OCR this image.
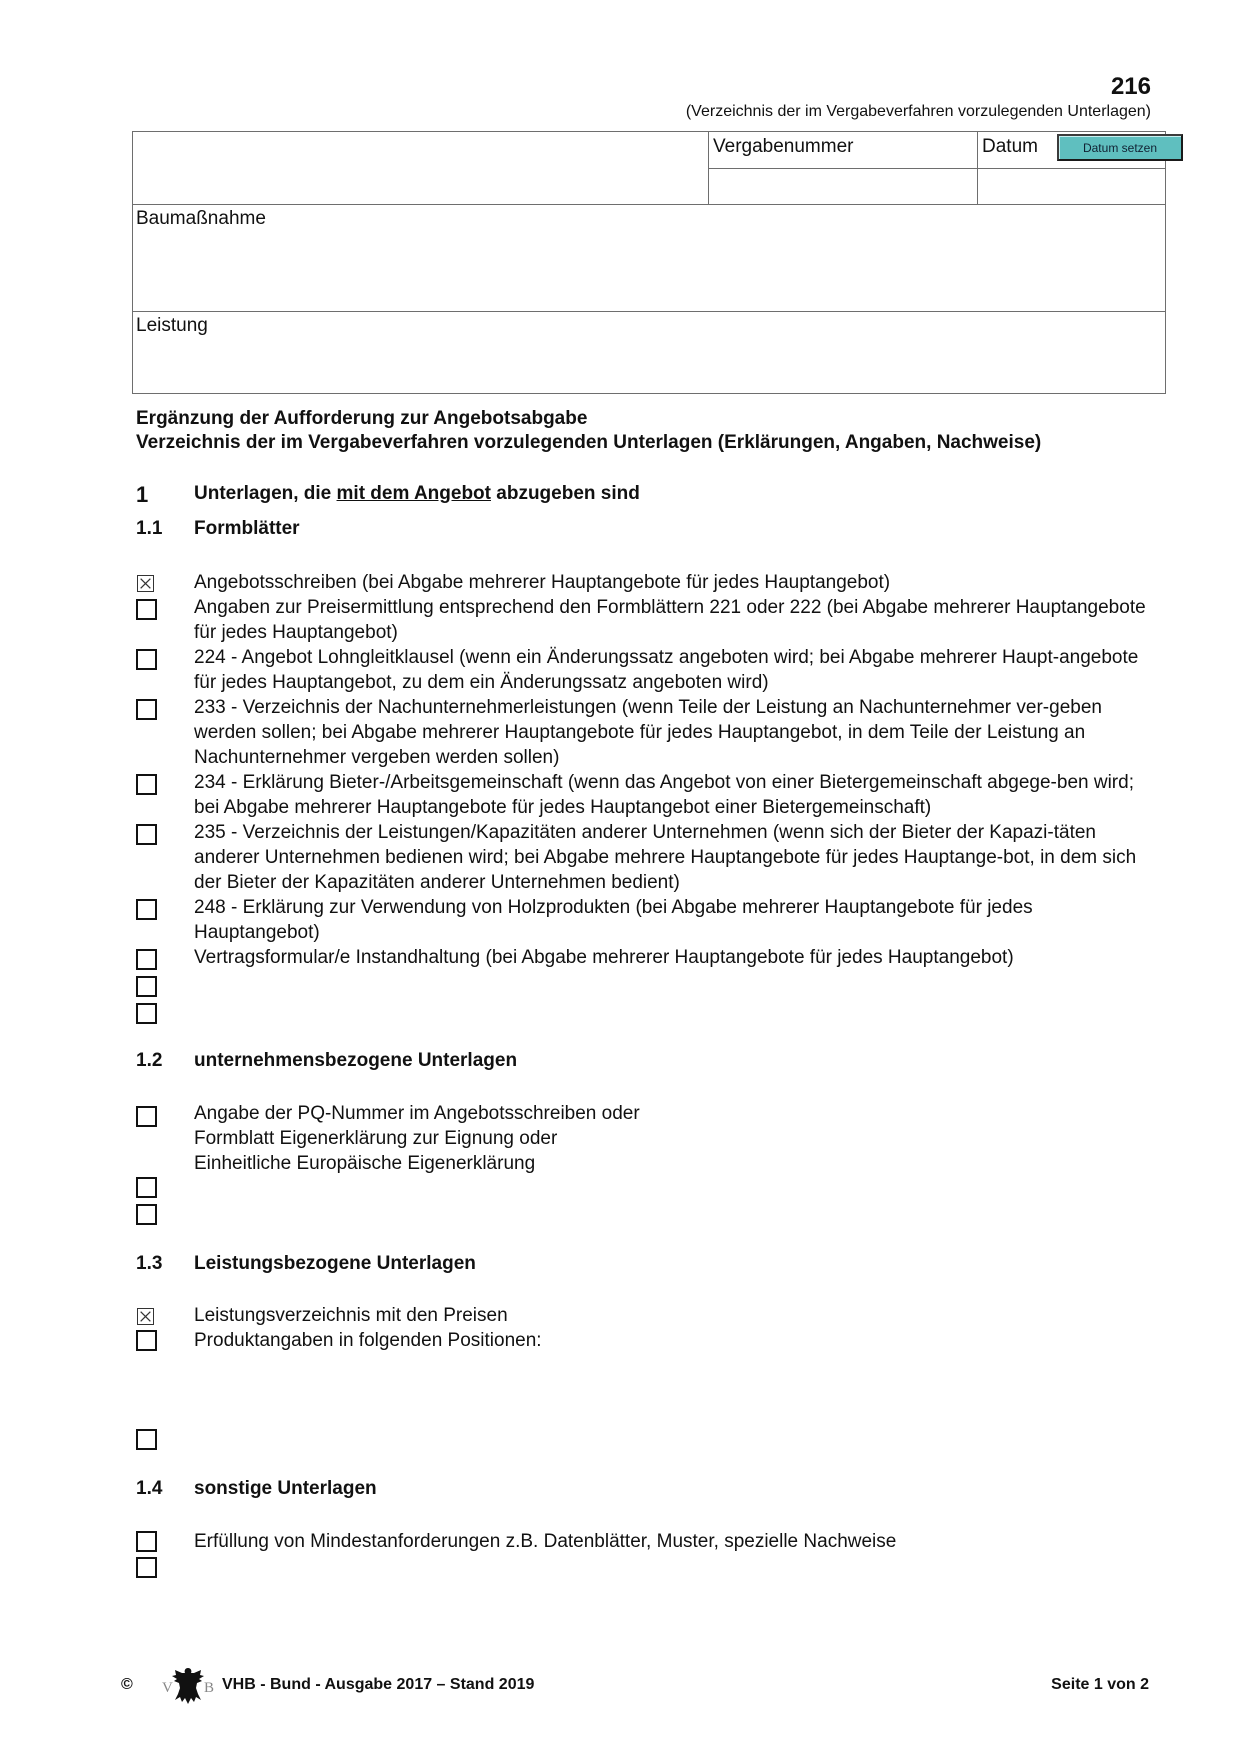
216
(Verzeichnis der im Vergabeverfahren vorzulegenden Unterlagen)
Vergabenummer	Datum
Baumaßnahme
Leistung
Datum setzen
Ergänzung der Aufforderung zur Angebotsabgabe
Verzeichnis der im Vergabeverfahren vorzulegenden Unterlagen (Erklärungen, Angaben, Nachweise)
1 Unterlagen, die mit dem Angebot abzugeben sind
1.1 Formblätter
Angebotsschreiben (bei Abgabe mehrerer Hauptangebote für jedes Hauptangebot)
Angaben zur Preisermittlung entsprechend den Formblättern 221 oder 222 (bei Abgabe mehrerer Hauptangebote für jedes Hauptangebot)
224 - Angebot Lohngleitklausel (wenn ein Änderungssatz angeboten wird; bei Abgabe mehrerer Haupt-angebote für jedes Hauptangebot, zu dem ein Änderungssatz angeboten wird)
233 - Verzeichnis der Nachunternehmerleistungen (wenn Teile der Leistung an Nachunternehmer ver-geben werden sollen; bei Abgabe mehrerer Hauptangebote für jedes Hauptangebot, in dem Teile der Leistung an Nachunternehmer vergeben werden sollen)
234 - Erklärung Bieter-/Arbeitsgemeinschaft (wenn das Angebot von einer Bietergemeinschaft abgege-ben wird; bei Abgabe mehrerer Hauptangebote für jedes Hauptangebot einer Bietergemeinschaft)
235 - Verzeichnis der Leistungen/Kapazitäten anderer Unternehmen (wenn sich der Bieter der Kapazi-täten anderer Unternehmen bedienen wird; bei Abgabe mehrere Hauptangebote für jedes Hauptange-bot, in dem sich der Bieter der Kapazitäten anderer Unternehmen bedient)
248 - Erklärung zur Verwendung von Holzprodukten (bei Abgabe mehrerer Hauptangebote für jedes Hauptangebot)
Vertragsformular/e Instandhaltung (bei Abgabe mehrerer Hauptangebote für jedes Hauptangebot)
1.2 unternehmensbezogene Unterlagen
Angabe der PQ-Nummer im Angebotsschreiben oder
Formblatt Eigenerklärung zur Eignung oder
Einheitliche Europäische Eigenerklärung
1.3 Leistungsbezogene Unterlagen
Leistungsverzeichnis mit den Preisen
Produktangaben in folgenden Positionen:
1.4 sonstige Unterlagen
Erfüllung von Mindestanforderungen z.B. Datenblätter, Muster, spezielle Nachweise
© V B VHB - Bund - Ausgabe 2017 – Stand 2019	Seite 1 von 2
